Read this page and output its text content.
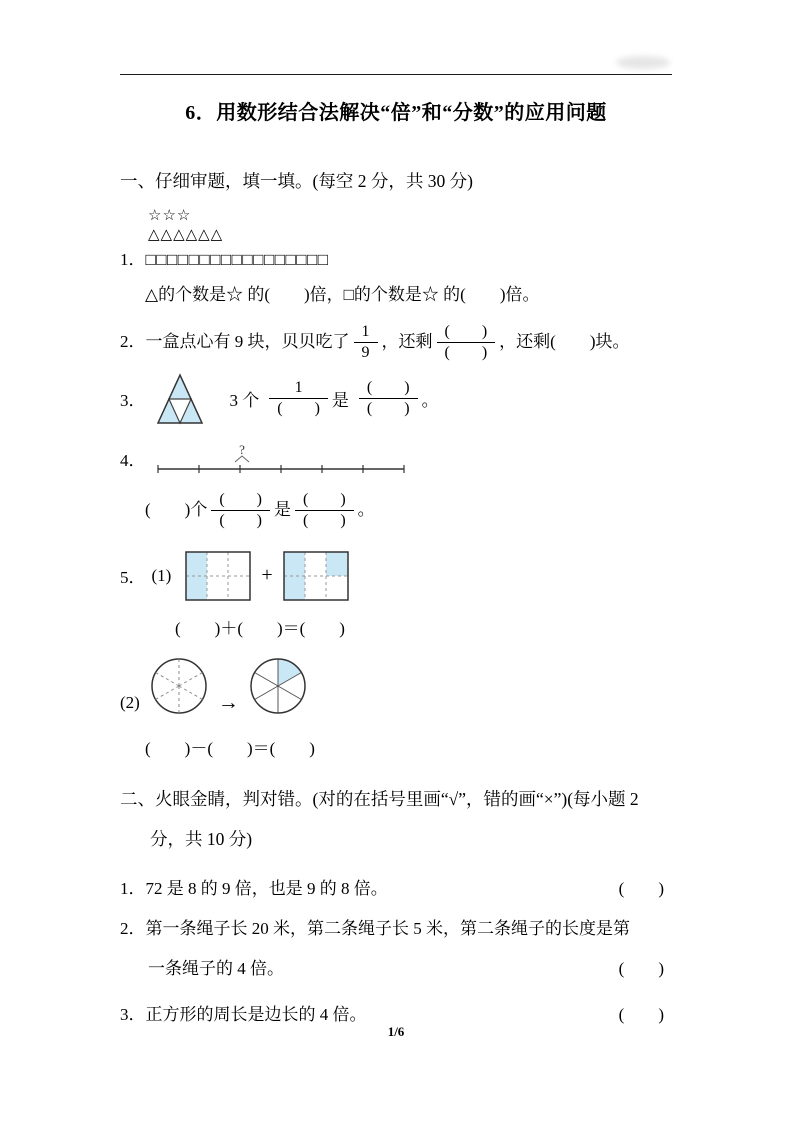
6．用数形结合法解决“倍”和“分数”的应用问题
一、仔细审题，填一填。(每空 2 分，共 30 分)
☆☆☆
△△△△△△
1．□□□□□□□□□□□□□□□□□
△的个数是☆ 的(　　)倍，□的个数是☆ 的(　　)倍。
2．一盒点心有 9 块，贝贝吃了 $\frac{1}{9}$ ，还剩 $\frac{( )}{( )}$ ，还剩(　　)块。
3．	3 个 $\frac{1}{( )}$ 是 $\frac{( )}{( )}$ 。
4．
?
(　　)个 $\frac{( )}{( )}$ 是 $\frac{( )}{( )}$ 。
5． (1)	+
(　　)＋(　　)＝(　　)
(2)	→
(　　)－(　　)＝(　　)
二、火眼金睛，判对错。(对的在括号里画“√”，错的画“×”)(每小题 2
分，共 10 分)
1．72 是 8 的 9 倍，也是 9 的 8 倍。	(　　)
2．第一条绳子长 20 米，第二条绳子长 5 米，第二条绳子的长度是第
一条绳子的 4 倍。	(　　)
3．正方形的周长是边长的 4 倍。	(　　)
1/6
